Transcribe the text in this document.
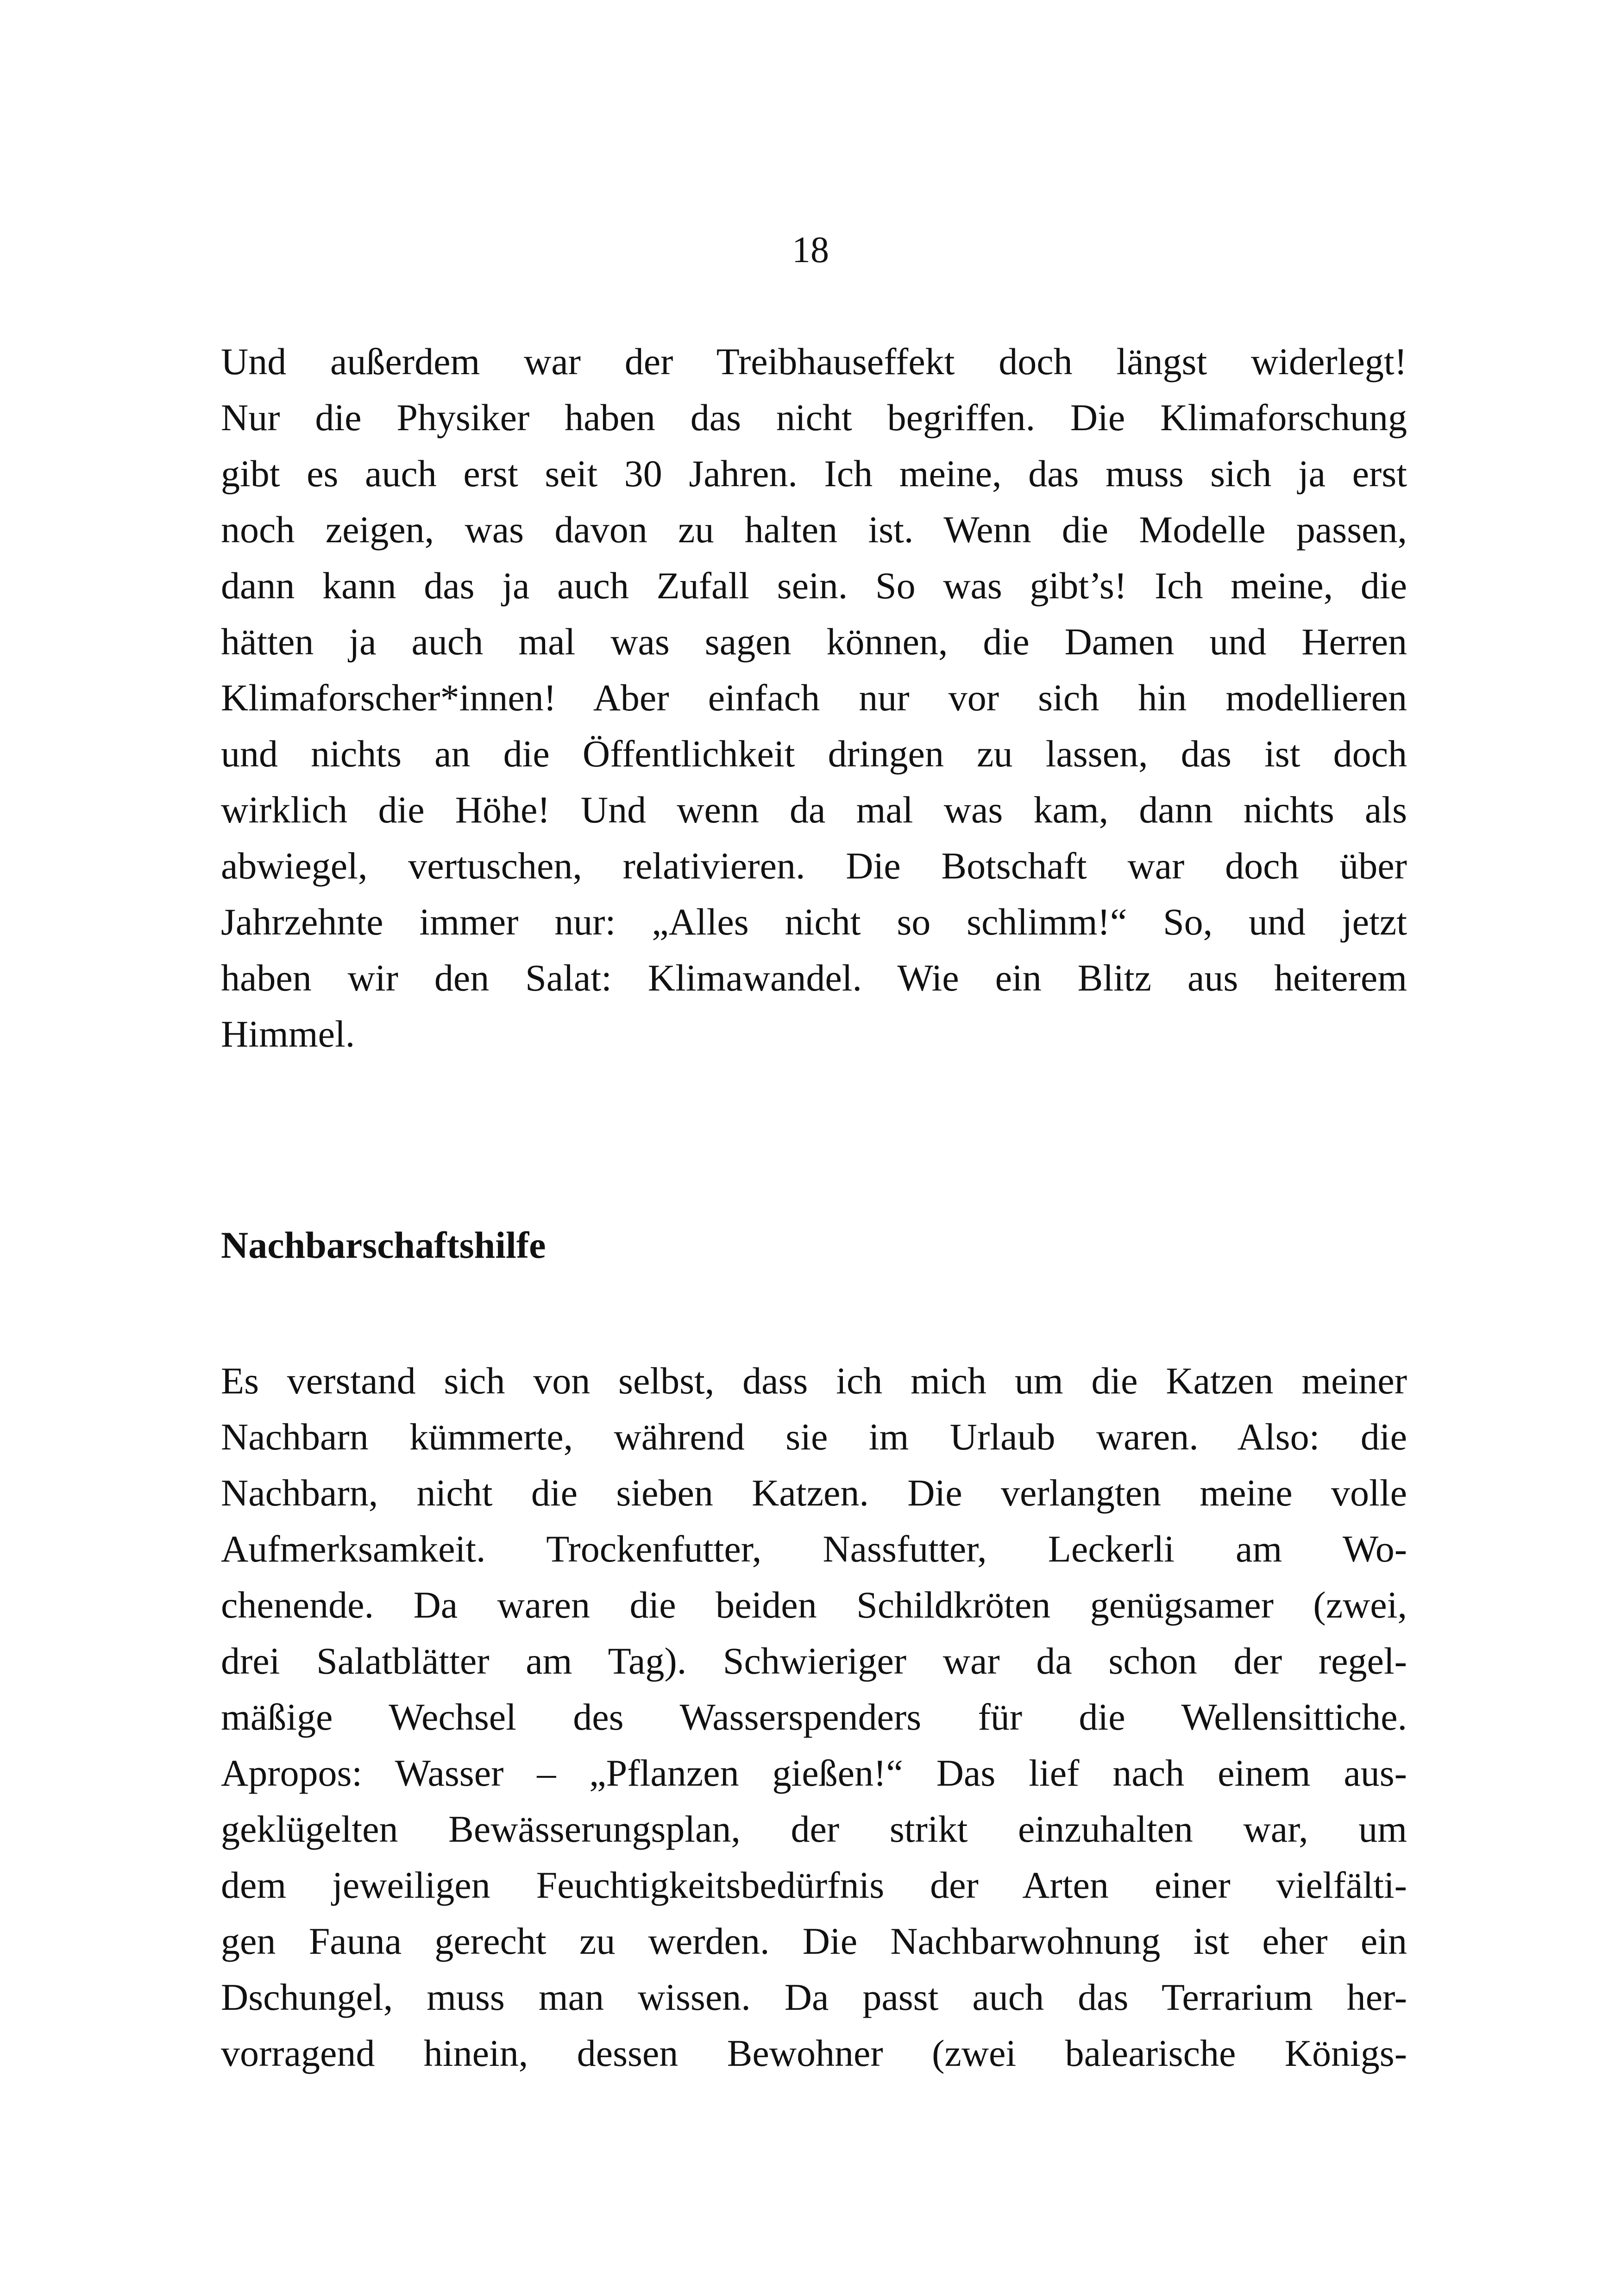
18
Und außerdem war der Treibhauseffekt doch längst widerlegt!
Nur die Physiker haben das nicht begriffen. Die Klimaforschung
gibt es auch erst seit 30 Jahren. Ich meine, das muss sich ja erst
noch zeigen, was davon zu halten ist. Wenn die Modelle passen,
dann kann das ja auch Zufall sein. So was gibt’s! Ich meine, die
hätten ja auch mal was sagen können, die Damen und Herren
Klimaforscher*innen! Aber einfach nur vor sich hin modellieren
und nichts an die Öffentlichkeit dringen zu lassen, das ist doch
wirklich die Höhe! Und wenn da mal was kam, dann nichts als
abwiegel, vertuschen, relativieren. Die Botschaft war doch über
Jahrzehnte immer nur: „Alles nicht so schlimm!“ So, und jetzt
haben wir den Salat: Klimawandel. Wie ein Blitz aus heiterem
Himmel.
Nachbarschaftshilfe
Es verstand sich von selbst, dass ich mich um die Katzen meiner
Nachbarn kümmerte, während sie im Urlaub waren. Also: die
Nachbarn, nicht die sieben Katzen. Die verlangten meine volle
Aufmerksamkeit. Trockenfutter, Nassfutter, Leckerli am Wo-
chenende. Da waren die beiden Schildkröten genügsamer (zwei,
drei Salatblätter am Tag). Schwieriger war da schon der regel-
mäßige Wechsel des Wasserspenders für die Wellensittiche.
Apropos: Wasser – „Pflanzen gießen!“ Das lief nach einem aus-
geklügelten Bewässerungsplan, der strikt einzuhalten war, um
dem jeweiligen Feuchtigkeitsbedürfnis der Arten einer vielfälti-
gen Fauna gerecht zu werden. Die Nachbarwohnung ist eher ein
Dschungel, muss man wissen. Da passt auch das Terrarium her-
vorragend hinein, dessen Bewohner (zwei balearische Königs-
